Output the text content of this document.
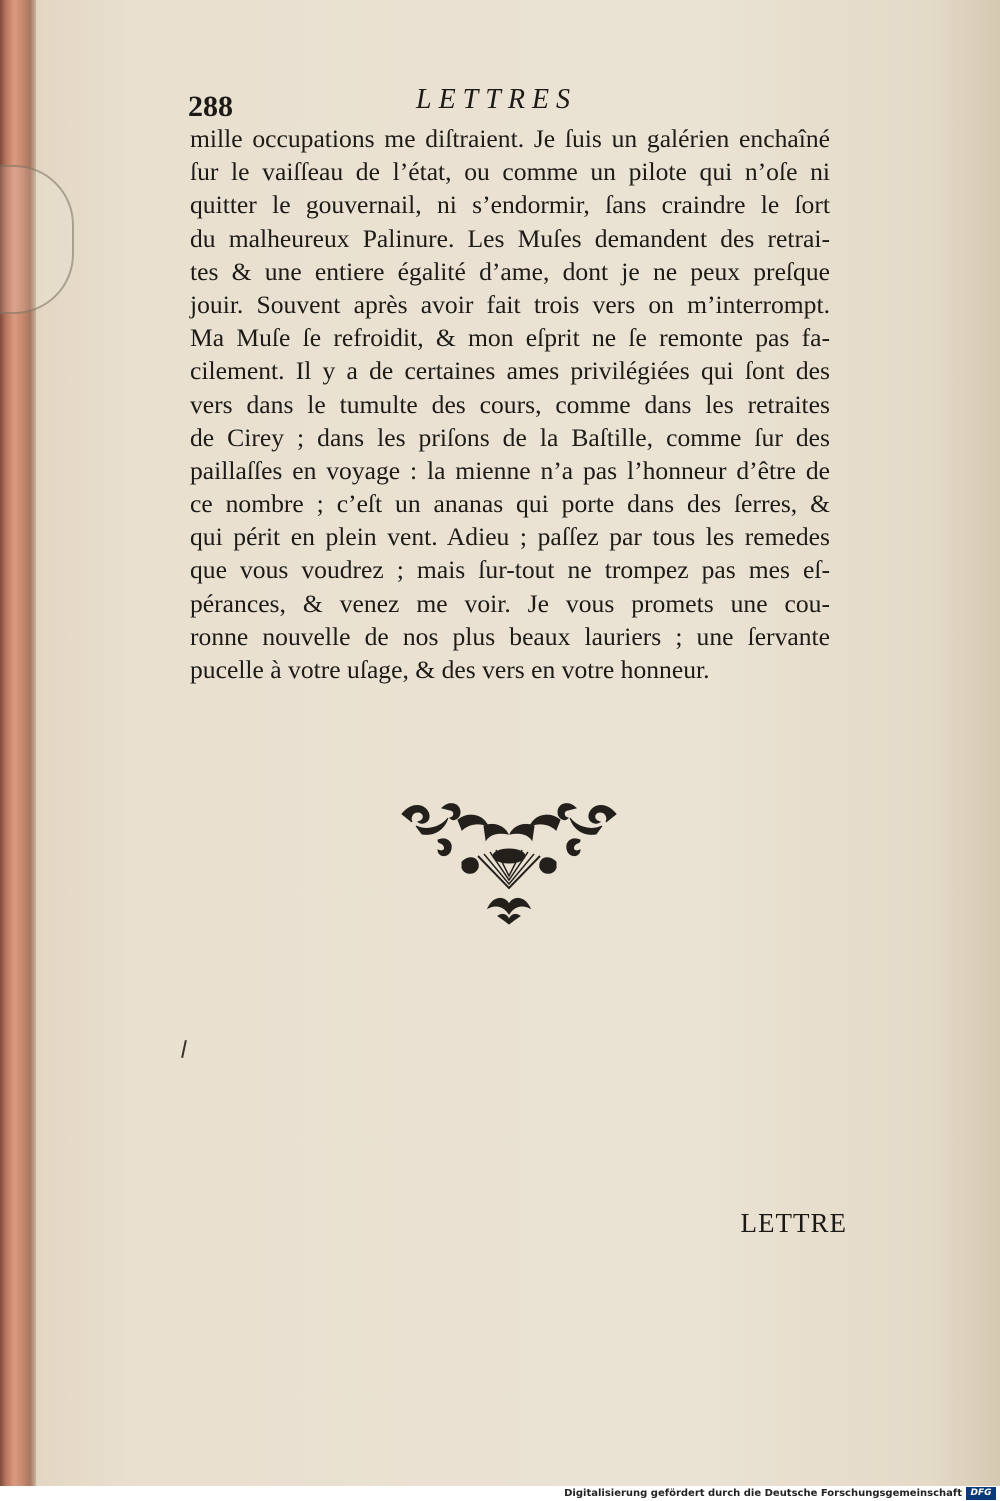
288	LETTRES
mille occupations me diſtraient. Je ſuis un galérien enchaîné
ſur le vaiſſeau de l’état, ou comme un pilote qui n’oſe ni
quitter le gouvernail, ni s’endormir, ſans craindre le ſort
du malheureux Palinure. Les Muſes demandent des retrai-
tes & une entiere égalité d’ame, dont je ne peux preſque
jouir. Souvent après avoir fait trois vers on m’interrompt.
Ma Muſe ſe refroidit, & mon eſprit ne ſe remonte pas fa-
cilement. Il y a de certaines ames privilégiées qui ſont des
vers dans le tumulte des cours, comme dans les retraites
de Cirey ; dans les priſons de la Baſtille, comme ſur des
paillaſſes en voyage : la mienne n’a pas l’honneur d’être de
ce nombre ; c’eſt un ananas qui porte dans des ſerres, &
qui périt en plein vent. Adieu ; paſſez par tous les remedes
que vous voudrez ; mais ſur-tout ne trompez pas mes eſ-
pérances, & venez me voir. Je vous promets une cou-
ronne nouvelle de nos plus beaux lauriers ; une ſervante
pucelle à votre uſage, & des vers en votre honneur.
LETTRE
Digitalisierung gefördert durch die Deutsche Forschungsgemeinschaft DFG
